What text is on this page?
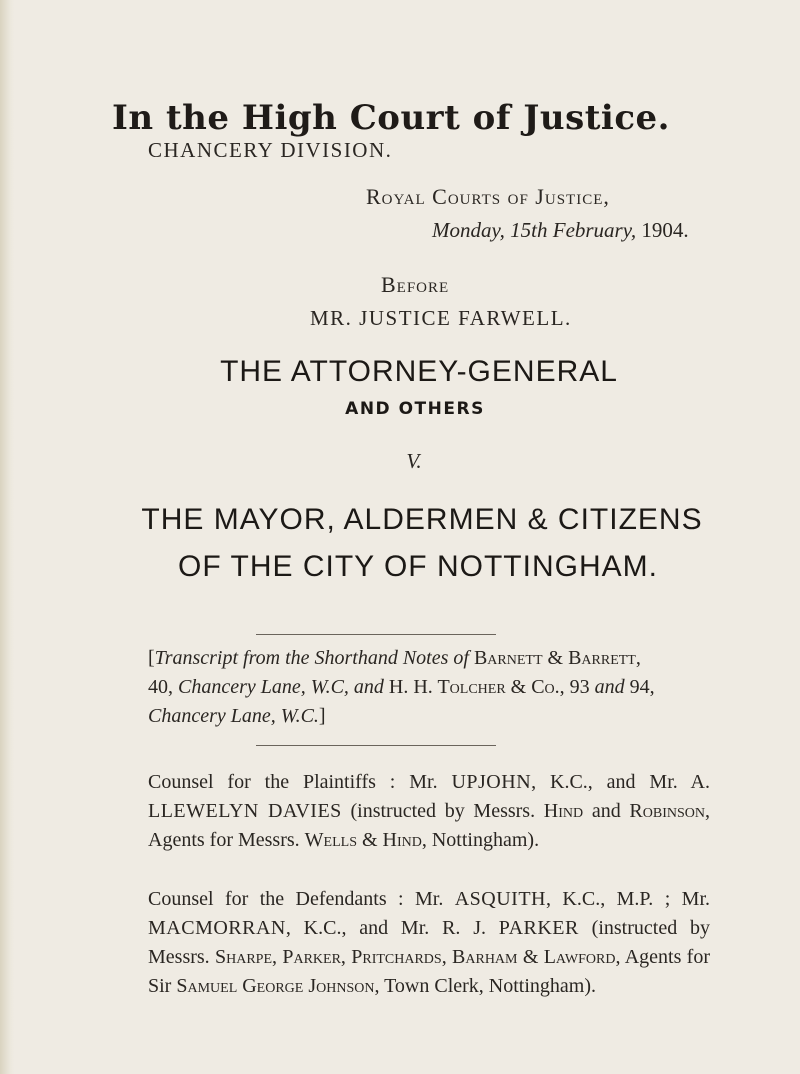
In the High Court of Justice.
CHANCERY DIVISION.
Royal Courts of Justice,
Monday, 15th February, 1904.
Before
MR. JUSTICE FARWELL.
THE ATTORNEY-GENERAL
AND OTHERS
V.
THE MAYOR, ALDERMEN & CITIZENS
OF THE CITY OF NOTTINGHAM.
[Transcript from the Shorthand Notes of Barnett & Barrett, 40, Chancery Lane, W.C, and H. H. Tolcher & Co., 93 and 94, Chancery Lane, W.C.]
Counsel for the Plaintiffs : Mr. UPJOHN, K.C., and Mr. A. LLEWELYN DAVIES (instructed by Messrs. Hind and Robinson, Agents for Messrs. Wells & Hind, Nottingham).
Counsel for the Defendants : Mr. ASQUITH, K.C., M.P. ; Mr. MACMORRAN, K.C., and Mr. R. J. PARKER (instructed by Messrs. Sharpe, Parker, Pritchards, Barham & Lawford, Agents for Sir Samuel George Johnson, Town Clerk, Nottingham).
